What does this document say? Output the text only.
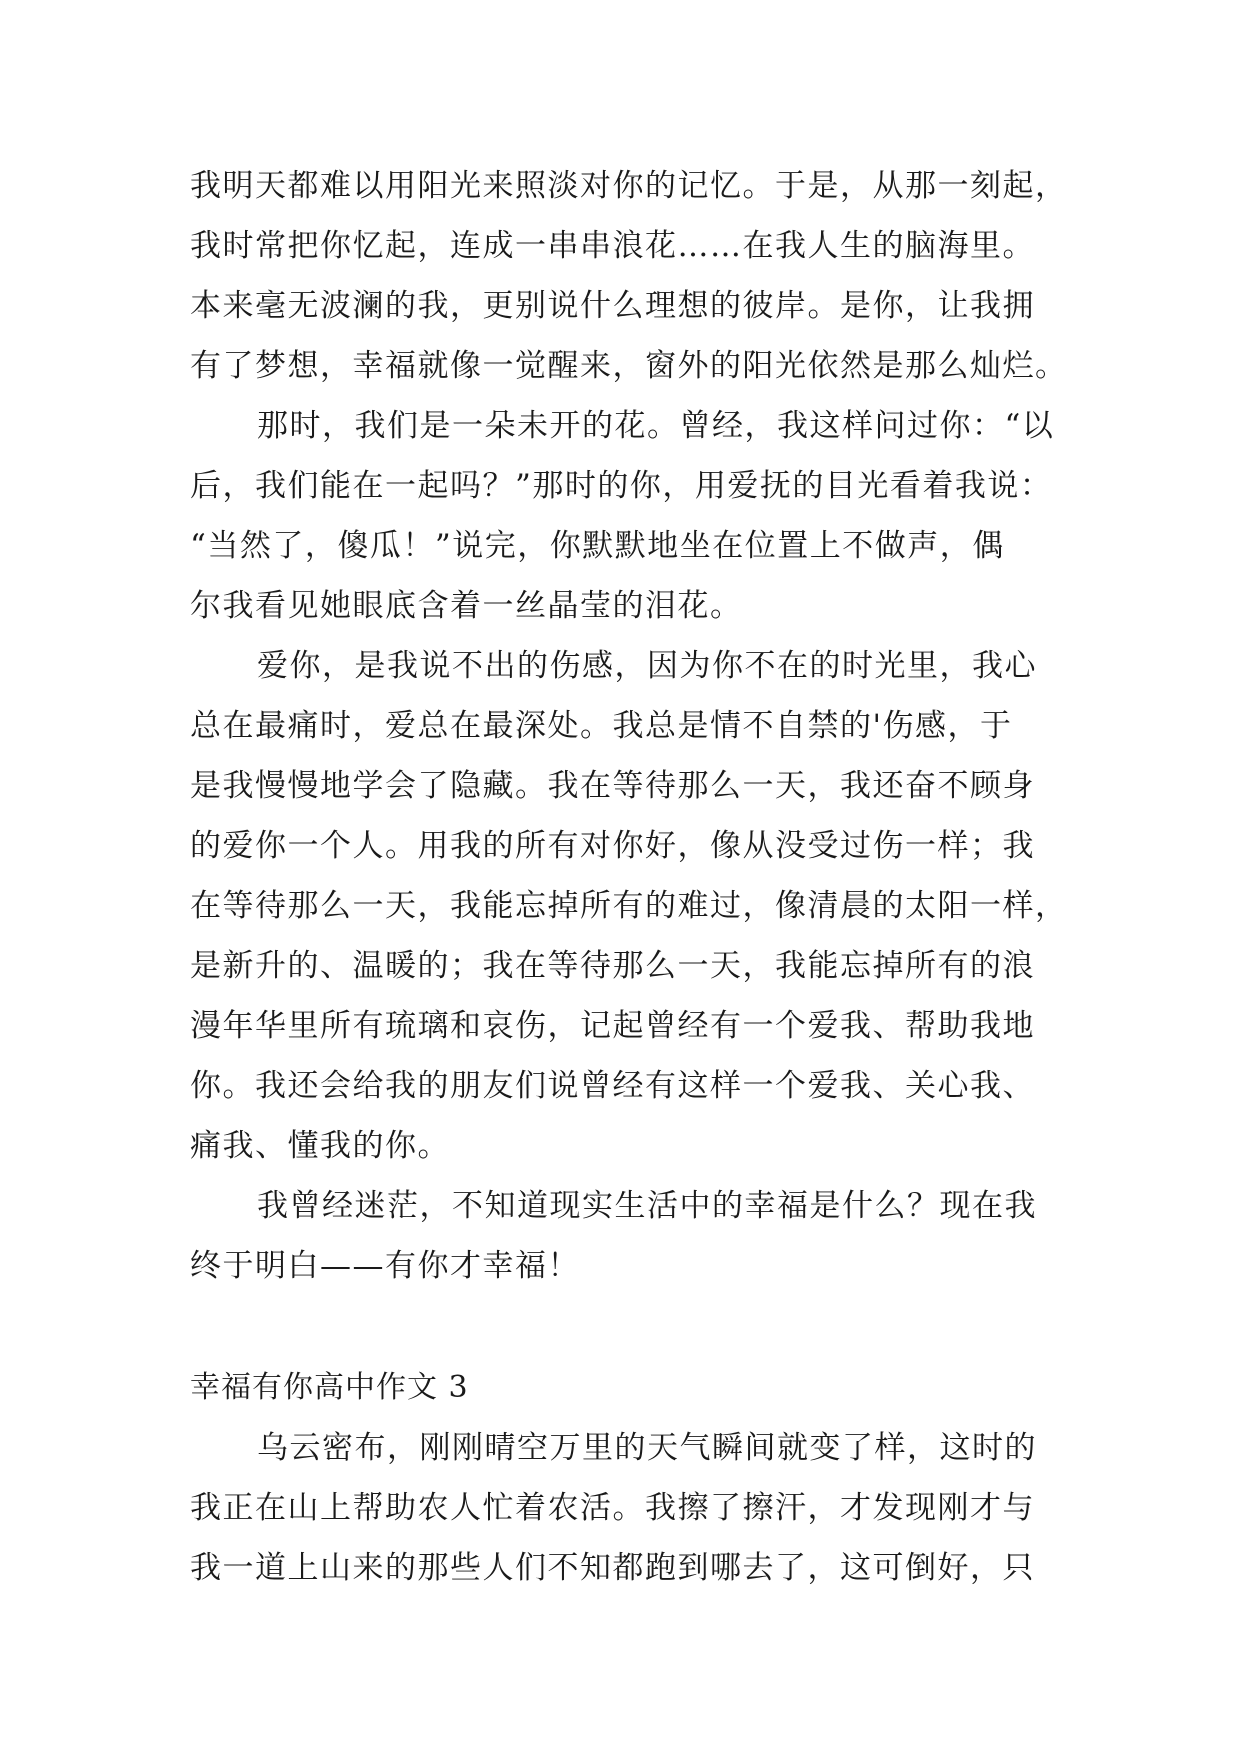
我明天都难以用阳光来照淡对你的记忆。于是，从那一刻起，
我时常把你忆起，连成一串串浪花……在我人生的脑海里。
本来毫无波澜的我，更别说什么理想的彼岸。是你，让我拥
有了梦想，幸福就像一觉醒来，窗外的阳光依然是那么灿烂。
那时，我们是一朵未开的花。曾经，我这样问过你：“以
后，我们能在一起吗？”那时的你，用爱抚的目光看着我说：
“当然了，傻瓜！”说完，你默默地坐在位置上不做声，偶
尔我看见她眼底含着一丝晶莹的泪花。
爱你，是我说不出的伤感，因为你不在的时光里，我心
总在最痛时，爱总在最深处。我总是情不自禁的'伤感，于
是我慢慢地学会了隐藏。我在等待那么一天，我还奋不顾身
的爱你一个人。用我的所有对你好，像从没受过伤一样；我
在等待那么一天，我能忘掉所有的难过，像清晨的太阳一样，
是新升的、温暖的；我在等待那么一天，我能忘掉所有的浪
漫年华里所有琉璃和哀伤，记起曾经有一个爱我、帮助我地
你。我还会给我的朋友们说曾经有这样一个爱我、关心我、
痛我、懂我的你。
我曾经迷茫，不知道现实生活中的幸福是什么？现在我
终于明白——有你才幸福！
幸福有你高中作文 3
乌云密布，刚刚晴空万里的天气瞬间就变了样，这时的
我正在山上帮助农人忙着农活。我擦了擦汗，才发现刚才与
我一道上山来的那些人们不知都跑到哪去了，这可倒好，只
